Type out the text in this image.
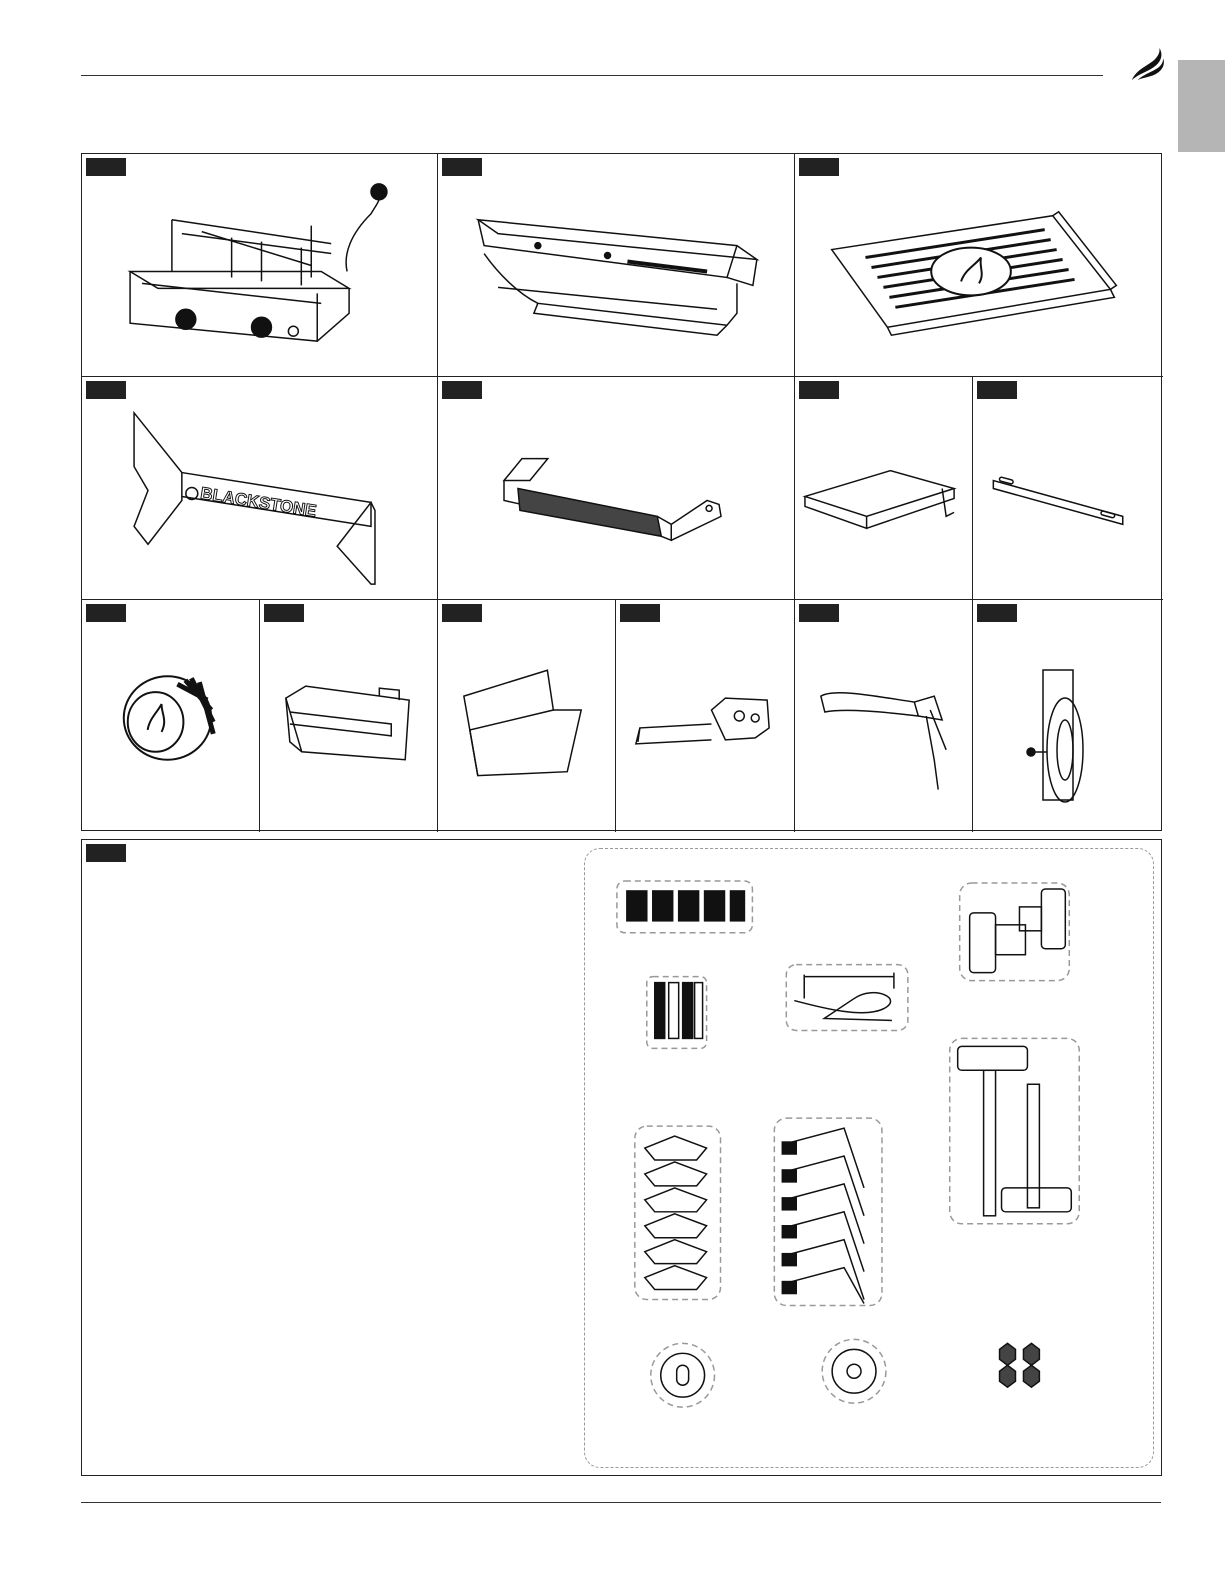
BLACKSTONE
